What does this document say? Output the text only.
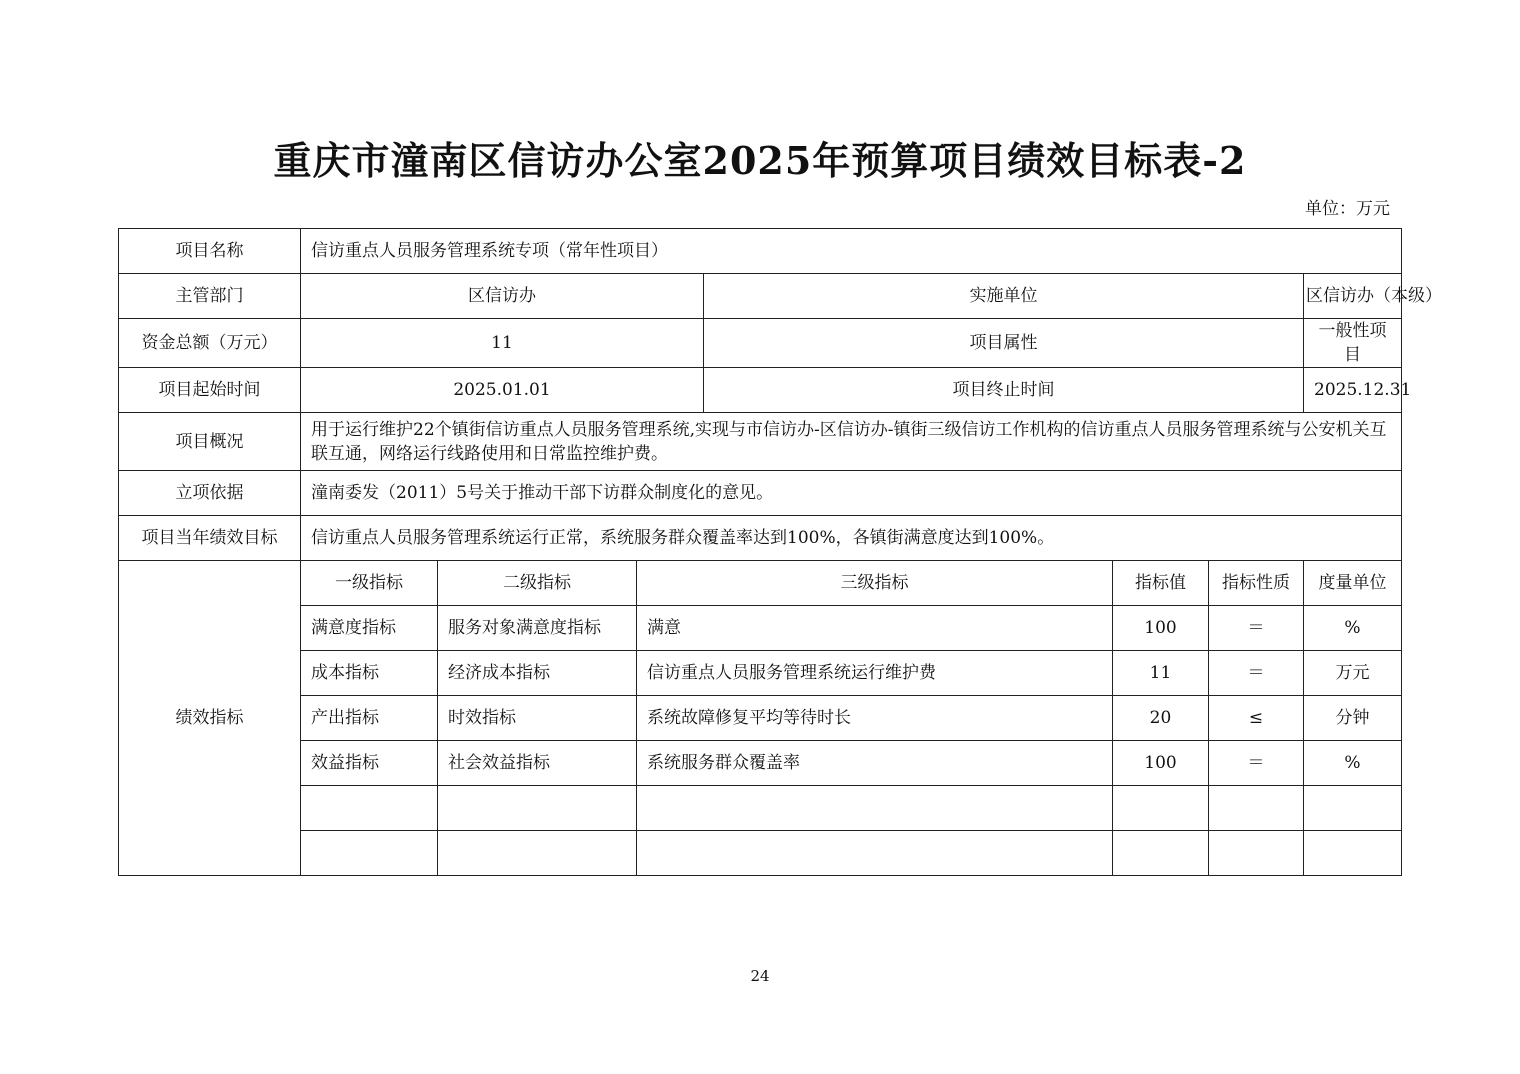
重庆市潼南区信访办公室2025年预算项目绩效目标表-2
单位：万元
项目名称	信访重点人员服务管理系统专项（常年性项目）						
主管部门	区信访办			实施单位			区信访办（本级）
资金总额（万元）	11			项目属性			一般性项目
项目起始时间	2025.01.01			项目终止时间			2025.12.31
项目概况	用于运行维护22个镇街信访重点人员服务管理系统,实现与市信访办-区信访办-镇街三级信访工作机构的信访重点人员服务管理系统与公安机关互联互通，网络运行线路使用和日常监控维护费。						
立项依据	潼南委发（2011）5号关于推动干部下访群众制度化的意见。						
项目当年绩效目标	信访重点人员服务管理系统运行正常，系统服务群众覆盖率达到100%，各镇街满意度达到100%。						
绩效指标	一级指标	二级指标	三级指标		指标值	指标性质	度量单位
	满意度指标	服务对象满意度指标	满意		100	＝	%
	成本指标	经济成本指标	信访重点人员服务管理系统运行维护费		11	＝	万元
	产出指标	时效指标	系统故障修复平均等待时长		20	≤	分钟
	效益指标	社会效益指标	系统服务群众覆盖率		100	＝	%

24
